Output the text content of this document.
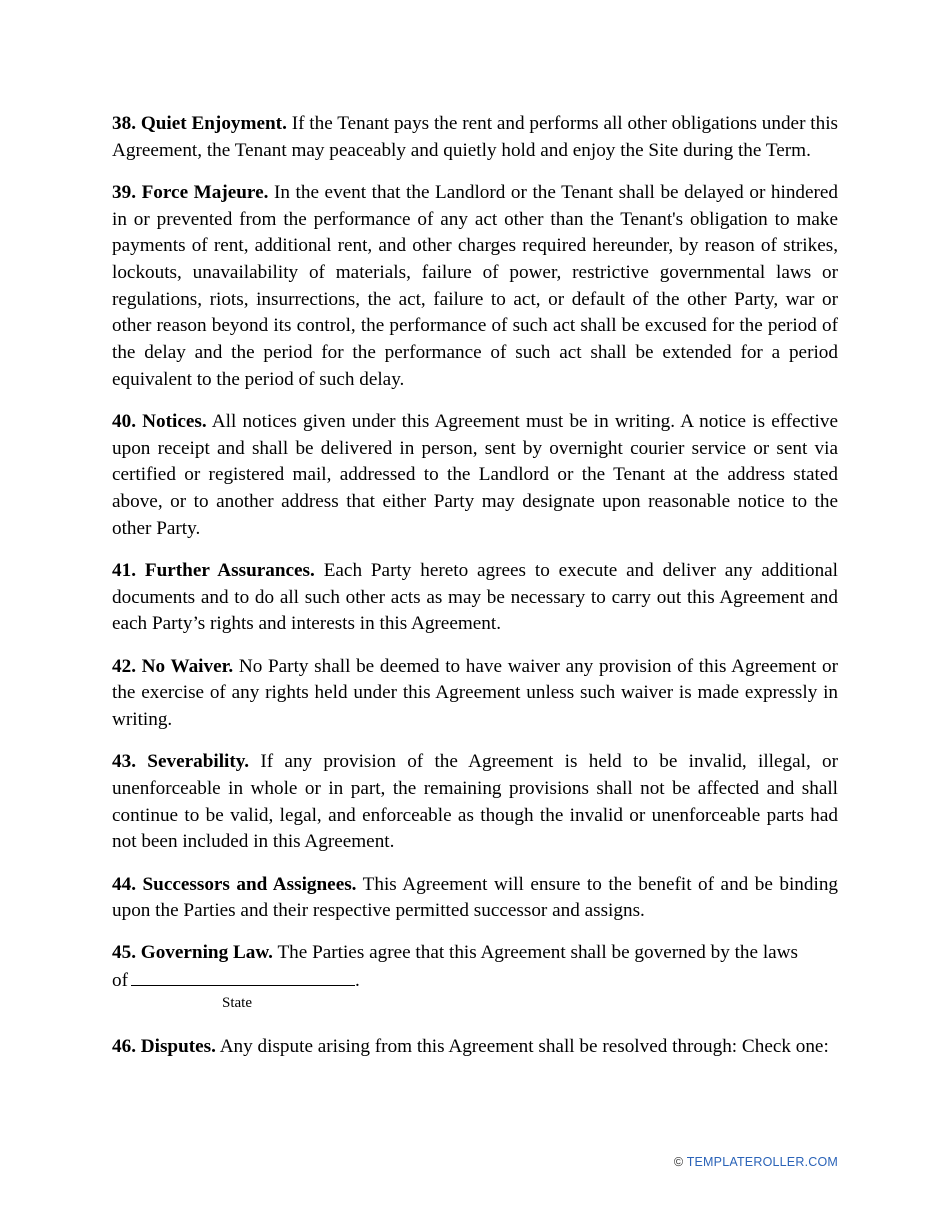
38. Quiet Enjoyment. If the Tenant pays the rent and performs all other obligations under this Agreement, the Tenant may peaceably and quietly hold and enjoy the Site during the Term.

39. Force Majeure. In the event that the Landlord or the Tenant shall be delayed or hindered in or prevented from the performance of any act other than the Tenant's obligation to make payments of rent, additional rent, and other charges required hereunder, by reason of strikes, lockouts, unavailability of materials, failure of power, restrictive governmental laws or regulations, riots, insurrections, the act, failure to act, or default of the other Party, war or other reason beyond its control, the performance of such act shall be excused for the period of the delay and the period for the performance of such act shall be extended for a period equivalent to the period of such delay.

40. Notices. All notices given under this Agreement must be in writing. A notice is effective upon receipt and shall be delivered in person, sent by overnight courier service or sent via certified or registered mail, addressed to the Landlord or the Tenant at the address stated above, or to another address that either Party may designate upon reasonable notice to the other Party.

41. Further Assurances. Each Party hereto agrees to execute and deliver any additional documents and to do all such other acts as may be necessary to carry out this Agreement and each Party’s rights and interests in this Agreement.

42. No Waiver. No Party shall be deemed to have waiver any provision of this Agreement or the exercise of any rights held under this Agreement unless such waiver is made expressly in writing.

43. Severability. If any provision of the Agreement is held to be invalid, illegal, or unenforceable in whole or in part, the remaining provisions shall not be affected and shall continue to be valid, legal, and enforceable as though the invalid or unenforceable parts had not been included in this Agreement.

44. Successors and Assignees. This Agreement will ensure to the benefit of and be binding upon the Parties and their respective permitted successor and assigns.

45. Governing Law. The Parties agree that this Agreement shall be governed by the laws

of	.
State

46. Disputes. Any dispute arising from this Agreement shall be resolved through: Check one:

© TEMPLATEROLLER.COM
